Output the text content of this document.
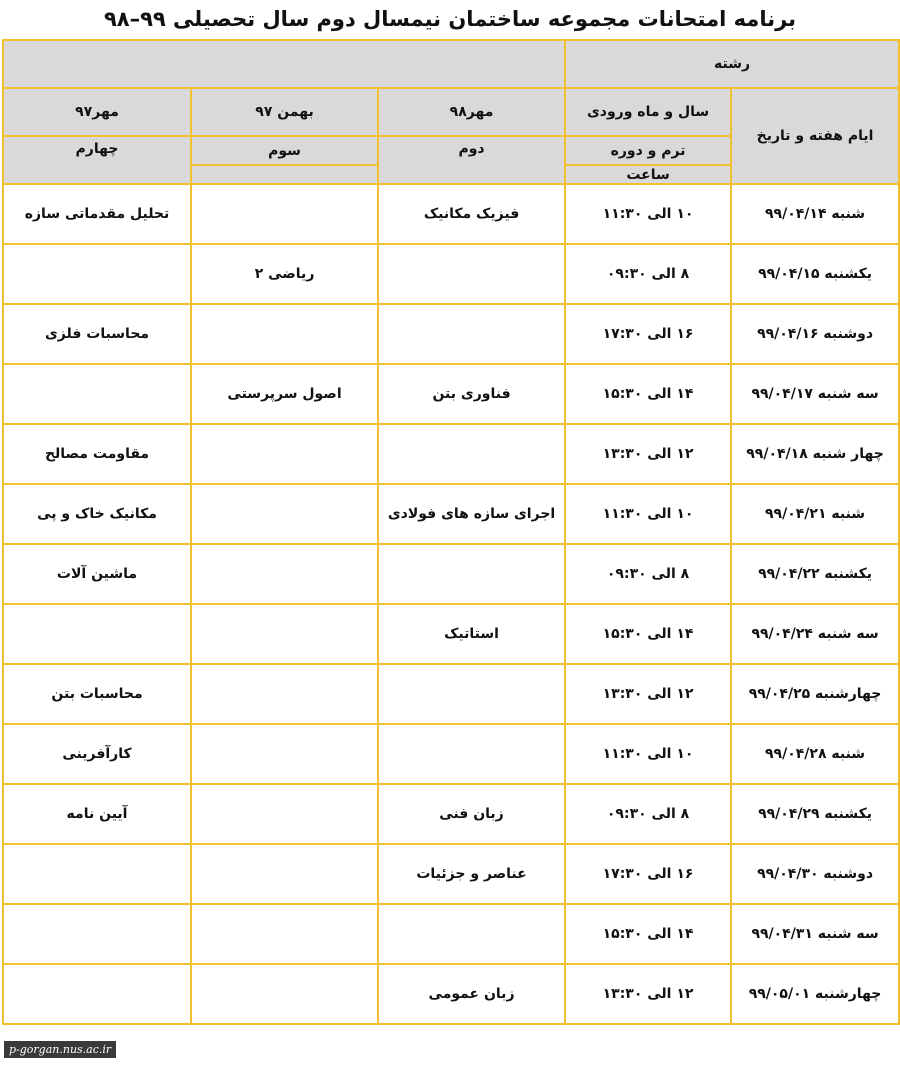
برنامه امتحانات مجموعه ساختمان نیمسال دوم سال تحصیلی ۹۹–۹۸
رشته				
ایام هفته و تاریخ	سال و ماه ورودی	مهر۹۸	بهمن ۹۷	مهر۹۷
	ترم و دوره	دوم	سوم	چهارم
	ساعت			
شنبه ۹۹/۰۴/۱۴	۱۰ الی ۱۱:۳۰	فیزیک مکانیک		تحلیل مقدماتی سازه
یکشنبه ۹۹/۰۴/۱۵	۸ الی ۰۹:۳۰		ریاضی ۲	
دوشنبه ۹۹/۰۴/۱۶	۱۶ الی ۱۷:۳۰			محاسبات فلزی
سه شنبه ۹۹/۰۴/۱۷	۱۴ الی ۱۵:۳۰	فناوری بتن	اصول سرپرستی	
چهار شنبه ۹۹/۰۴/۱۸	۱۲ الی ۱۳:۳۰			مقاومت مصالح
شنبه ۹۹/۰۴/۲۱	۱۰ الی ۱۱:۳۰	اجرای سازه های فولادی		مکانیک خاک و پی
یکشنبه ۹۹/۰۴/۲۲	۸ الی ۰۹:۳۰			ماشین آلات
سه شنبه ۹۹/۰۴/۲۴	۱۴ الی ۱۵:۳۰	استاتیک		
چهارشنبه ۹۹/۰۴/۲۵	۱۲ الی ۱۳:۳۰			محاسبات بتن
شنبه ۹۹/۰۴/۲۸	۱۰ الی ۱۱:۳۰			کارآفرینی
یکشنبه ۹۹/۰۴/۲۹	۸ الی ۰۹:۳۰	زبان فنی		آیین نامه
دوشنبه ۹۹/۰۴/۳۰	۱۶ الی ۱۷:۳۰	عناصر و جزئیات		
سه شنبه ۹۹/۰۴/۳۱	۱۴ الی ۱۵:۳۰			
چهارشنبه ۹۹/۰۵/۰۱	۱۲ الی ۱۳:۳۰	زبان عمومی		
p-gorgan.nus.ac.ir
